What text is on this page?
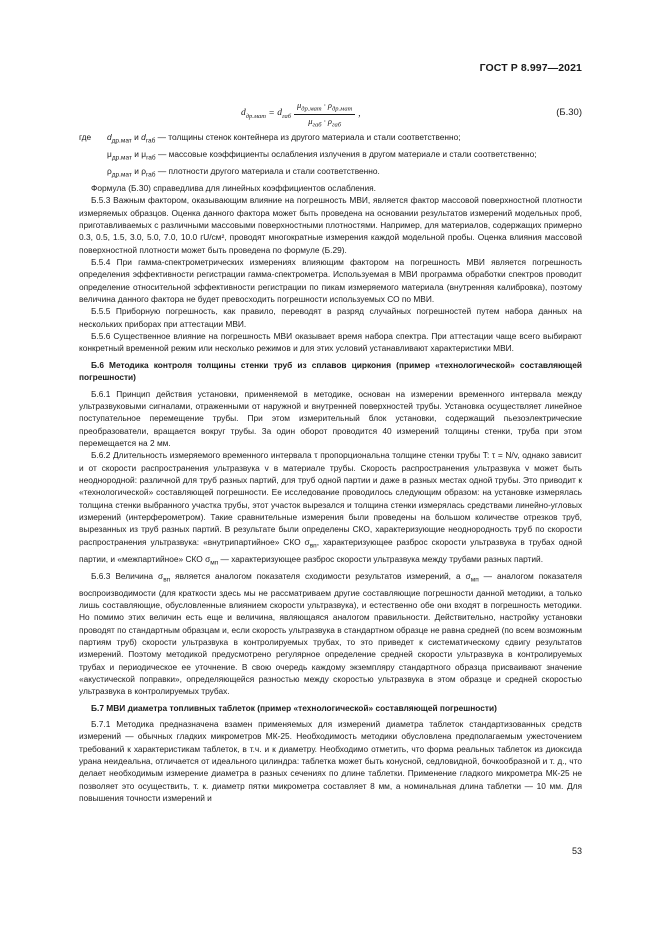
ГОСТ Р 8.997—2021
$d_{др.мат} = d_{габ} \frac{\mu_{др.мат} \cdot \rho_{др.мат}}{\mu_{габ} \cdot \rho_{габ}}$ ,	(Б.30)
где	$d_{др.мат}$ и $d_{габ}$ — толщины стенок контейнера из другого материала и стали соответственно;
$\mu_{др.мат}$ и $\mu_{габ}$ — массовые коэффициенты ослабления излучения в другом материале и стали соответственно;
$\rho_{др.мат}$ и $\rho_{габ}$ — плотности другого материала и стали соответственно.

Формула (Б.30) справедлива для линейных коэффициентов ослабления.

Б.5.3 Важным фактором, оказывающим влияние на погрешность МВИ, является фактор массовой поверхностной плотности измеряемых образцов. Оценка данного фактора может быть проведена на основании результатов измерений модельных проб, приготавливаемых с различными массовыми поверхностными плотностями. Например, для материалов, содержащих примерно 0.3, 0.5, 1.5, 3.0, 5.0, 7.0, 10.0 гU/см², проводят многократные измерения каждой модельной пробы. Оценка влияния массовой поверхностной плотности может быть проведена по формуле (Б.29).

Б.5.4 При гамма-спектрометрических измерениях влияющим фактором на погрешность МВИ является погрешность определения эффективности регистрации гамма-спектрометра. Используемая в МВИ программа обработки спектров проводит определение относительной эффективности регистрации по пикам измеряемого материала (внутренняя калибровка), поэтому величина данного фактора не будет превосходить погрешности используемых СО по МВИ.

Б.5.5 Приборную погрешность, как правило, переводят в разряд случайных погрешностей путем набора данных на нескольких приборах при аттестации МВИ.

Б.5.6 Существенное влияние на погрешность МВИ оказывает время набора спектра. При аттестации чаще всего выбирают конкретный временной режим или несколько режимов и для этих условий устанавливают характеристики МВИ.

Б.6 Методика контроля толщины стенки труб из сплавов циркония (пример «технологической» составляющей погрешности)

Б.6.1 Принцип действия установки, применяемой в методике, основан на измерении временного интервала между ультразвуковыми сигналами, отраженными от наружной и внутренней поверхностей трубы. Установка осуществляет линейное поступательное перемещение трубы. При этом измерительный блок установки, содержащий пьезоэлектрические преобразователи, вращается вокруг трубы. За один оборот проводится 40 измерений толщины стенки, труба при этом перемещается на 2 мм.

Б.6.2 Длительность измеряемого временного интервала τ пропорциональна толщине стенки трубы T: τ = N/v, однако зависит и от скорости распространения ультразвука v в материале трубы. Скорость распространения ультразвука v может быть неоднородной: различной для труб разных партий, для труб одной партии и даже в разных местах одной трубы. Это приводит к «технологической» составляющей погрешности. Ее исследование проводилось следующим образом: на установке измерялась толщина стенки выбранного участка трубы, этот участок вырезался и толщина стенки измерялась средствами линейно-угловых измерений (интерферометром). Такие сравнительные измерения были проведены на большом количестве отрезков труб, вырезанных из труб разных партий. В результате были определены СКО, характеризующие неоднородность труб по скорости распространения ультразвука: «внутрипартийное» СКО $\sigma_{вп}$, характеризующее разброс скорости ультразвука в трубах одной партии, и «межпартийное» СКО $\sigma_{мп}$ — характеризующее разброс скорости ультразвука между трубами разных партий.

Б.6.3 Величина $\sigma_{вп}$ является аналогом показателя сходимости результатов измерений, а $\sigma_{мп}$ — аналогом показателя воспроизводимости (для краткости здесь мы не рассматриваем другие составляющие погрешности данной методики, а только лишь составляющие, обусловленные влиянием скорости ультразвука), и естественно обе они входят в погрешность методики. Но помимо этих величин есть еще и величина, являющаяся аналогом правильности. Действительно, настройку установки проводят по стандартным образцам и, если скорость ультразвука в стандартном образце не равна средней (по всем возможным партиям труб) скорости ультразвука в контролируемых трубах, то это приведет к систематическому сдвигу результатов измерений. Поэтому методикой предусмотрено регулярное определение средней скорости ультразвука в контролируемых трубах и периодическое ее уточнение. В свою очередь каждому экземпляру стандартного образца присваивают значение «акустической поправки», определяющейся разностью между скоростью ультразвука в этом образце и средней скоростью ультразвука в контролируемых трубах.

Б.7 МВИ диаметра топливных таблеток (пример «технологической» составляющей погрешности)

Б.7.1 Методика предназначена взамен применяемых для измерений диаметра таблеток стандартизованных средств измерений — обычных гладких микрометров МК-25. Необходимость методики обусловлена предполагаемым ужесточением требований к характеристикам таблеток, в т.ч. и к диаметру. Необходимо отметить, что форма реальных таблеток из диоксида урана неидеальна, отличается от идеального цилиндра: таблетка может быть конусной, седловидной, бочкообразной и т. д., что делает необходимым измерение диаметра в разных сечениях по длине таблетки. Применение гладкого микрометра МК-25 не позволяет это осуществить, т. к. диаметр пятки микрометра составляет 8 мм, а номинальная длина таблетки — 10 мм. Для повышения точности измерений и

53
